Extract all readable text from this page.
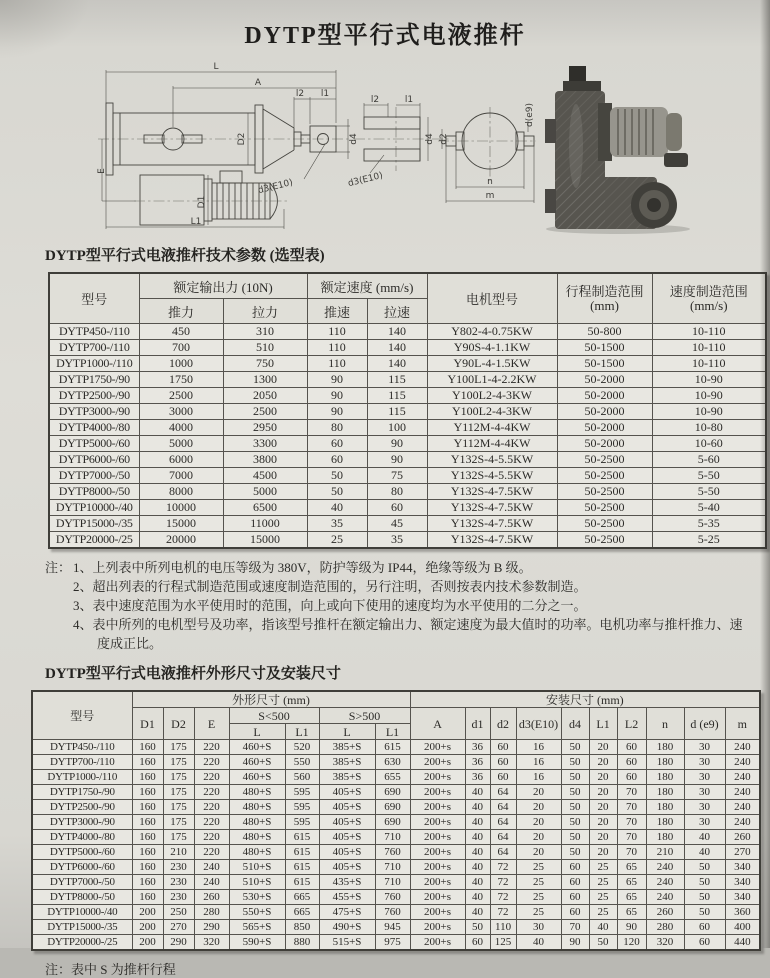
DYTP型平行式电液推杆
L
A
l2 l1
d4
d3(E10)
D2
E
D1
L1
l2	l1
d4 d2
d3(E10)	n
m
d(e9)
DYTP型平行式电液推杆技术参数 (选型表)
型号	额定输出力 (10N)		额定速度 (mm/s)		电机型号	行程制造范围
(mm)	速度制造范围
(mm/s)

	推力	拉力	推速	拉速			
DYTP450-/110	450	310	110	140	Y802-4-0.75KW	50-800	10-110
DYTP700-/110	700	510	110	140	Y90S-4-1.1KW	50-1500	10-110
DYTP1000-/110	1000	750	110	140	Y90L-4-1.5KW	50-1500	10-110
DYTP1750-/90	1750	1300	90	115	Y100L1-4-2.2KW	50-2000	10-90
DYTP2500-/90	2500	2050	90	115	Y100L2-4-3KW	50-2000	10-90
DYTP3000-/90	3000	2500	90	115	Y100L2-4-3KW	50-2000	10-90
DYTP4000-/80	4000	2950	80	100	Y112M-4-4KW	50-2000	10-80
DYTP5000-/60	5000	3300	60	90	Y112M-4-4KW	50-2000	10-60
DYTP6000-/60	6000	3800	60	90	Y132S-4-5.5KW	50-2500	5-60
DYTP7000-/50	7000	4500	50	75	Y132S-4-5.5KW	50-2500	5-50
DYTP8000-/50	8000	5000	50	80	Y132S-4-7.5KW	50-2500	5-50
DYTP10000-/40	10000	6500	40	60	Y132S-4-7.5KW	50-2500	5-40
DYTP15000-/35	15000	11000	35	45	Y132S-4-7.5KW	50-2500	5-35
DYTP20000-/25	20000	15000	25	35	Y132S-4-7.5KW	50-2500	5-25
注： 1、上列表中所列电机的电压等级为 380V，防护等级为 IP44，绝缘等级为 B 级。
2、超出列表的行程式制造范围或速度制造范围的，另行注明，否则按表内技术参数制造。
3、表中速度范围为水平使用时的范围，向上或向下使用的速度均为水平使用的二分之一。
4、表中所列的电机型号及功率，指该型号推杆在额定输出力、额定速度为最大值时的功率。电机功率与推杆推力、速度成正比。
DYTP型平行式电液推杆外形尺寸及安装尺寸
型号	外形尺寸 (mm)							安装尺寸 (mm)									
	D1	D2	E	S<500		S>500		A	d1	d2	d3(E10)	d4	L1	L2	n	d (e9)	m
				L	L1	L	L1										
DYTP450-/110	160	175	220	460+S	520	385+S	615	200+s	36	60	16	50	20	60	180	30	240
DYTP700-/110	160	175	220	460+S	550	385+S	630	200+s	36	60	16	50	20	60	180	30	240
DYTP1000-/110	160	175	220	460+S	560	385+S	655	200+s	36	60	16	50	20	60	180	30	240
DYTP1750-/90	160	175	220	480+S	595	405+S	690	200+s	40	64	20	50	20	70	180	30	240
DYTP2500-/90	160	175	220	480+S	595	405+S	690	200+s	40	64	20	50	20	70	180	30	240
DYTP3000-/90	160	175	220	480+S	595	405+S	690	200+s	40	64	20	50	20	70	180	30	240
DYTP4000-/80	160	175	220	480+S	615	405+S	710	200+s	40	64	20	50	20	70	180	40	260
DYTP5000-/60	160	210	220	480+S	615	405+S	760	200+s	40	64	20	50	20	70	210	40	270
DYTP6000-/60	160	230	240	510+S	615	405+S	710	200+s	40	72	25	60	25	65	240	50	340
DYTP7000-/50	160	230	240	510+S	615	435+S	710	200+s	40	72	25	60	25	65	240	50	340
DYTP8000-/50	160	230	260	530+S	665	455+S	760	200+s	40	72	25	60	25	65	240	50	340
DYTP10000-/40	200	250	280	550+S	665	475+S	760	200+s	40	72	25	60	25	65	260	50	360
DYTP15000-/35	200	270	290	565+S	850	490+S	945	200+s	50	110	30	70	40	90	280	60	400
DYTP20000-/25	200	290	320	590+S	880	515+S	975	200+s	60	125	40	90	50	120	320	60	440
注：表中 S 为推杆行程
